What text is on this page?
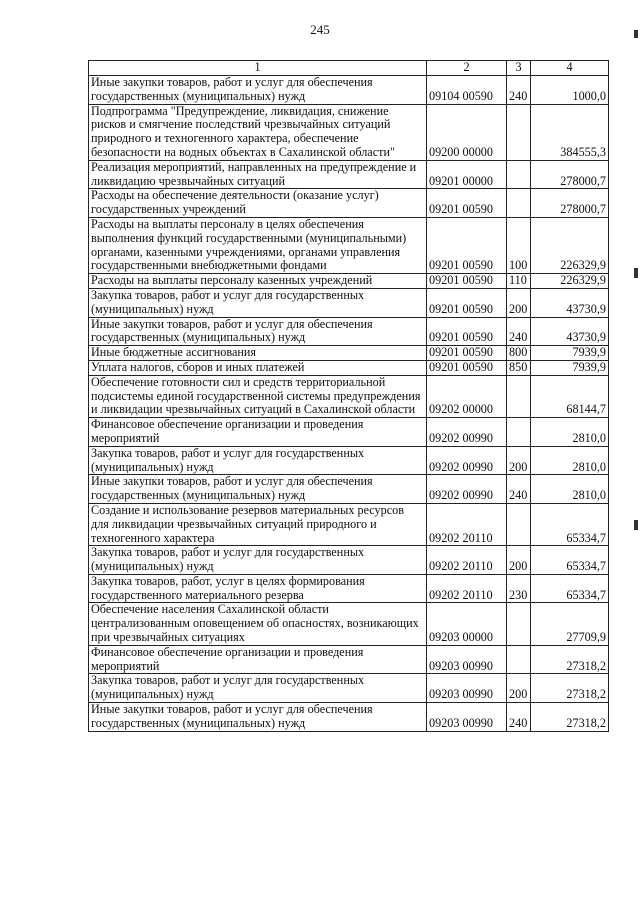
245
1	2	3	4
Иные закупки товаров, работ и услуг для обеспечения государственных (муниципальных) нужд	09104 00590	240	1000,0
Подпрограмма "Предупреждение, ликвидация, снижение рисков и смягчение последствий чрезвычайных ситуаций природного и техногенного характера, обеспечение безопасности на водных объектах в Сахалинской области"	09200 00000		384555,3
Реализация мероприятий, направленных на предупреждение и ликвидацию чрезвычайных ситуаций	09201 00000		278000,7
Расходы на обеспечение деятельности (оказание услуг) государственных учреждений	09201 00590		278000,7
Расходы на выплаты персоналу в целях обеспечения выполнения функций государственными (муниципальными) органами, казенными учреждениями, органами управления государственными внебюджетными фондами	09201 00590	100	226329,9
Расходы на выплаты персоналу казенных учреждений	09201 00590	110	226329,9
Закупка товаров, работ и услуг для государственных (муниципальных) нужд	09201 00590	200	43730,9
Иные закупки товаров, работ и услуг для обеспечения государственных (муниципальных) нужд	09201 00590	240	43730,9
Иные бюджетные ассигнования	09201 00590	800	7939,9
Уплата налогов, сборов и иных платежей	09201 00590	850	7939,9
Обеспечение готовности сил и средств территориальной подсистемы единой государственной системы предупреждения и ликвидации чрезвычайных ситуаций в Сахалинской области	09202 00000		68144,7
Финансовое обеспечение организации и проведения мероприятий	09202 00990		2810,0
Закупка товаров, работ и услуг для государственных (муниципальных) нужд	09202 00990	200	2810,0
Иные закупки товаров, работ и услуг для обеспечения государственных (муниципальных) нужд	09202 00990	240	2810,0
Создание и использование резервов материальных ресурсов для ликвидации чрезвычайных ситуаций природного и техногенного характера	09202 20110		65334,7
Закупка товаров, работ и услуг для государственных (муниципальных) нужд	09202 20110	200	65334,7
Закупка товаров, работ, услуг в целях формирования государственного материального резерва	09202 20110	230	65334,7
Обеспечение населения Сахалинской области централизованным оповещением об опасностях, возникающих при чрезвычайных ситуациях	09203 00000		27709,9
Финансовое обеспечение организации и проведения мероприятий	09203 00990		27318,2
Закупка товаров, работ и услуг для государственных (муниципальных) нужд	09203 00990	200	27318,2
Иные закупки товаров, работ и услуг для обеспечения государственных (муниципальных) нужд	09203 00990	240	27318,2
